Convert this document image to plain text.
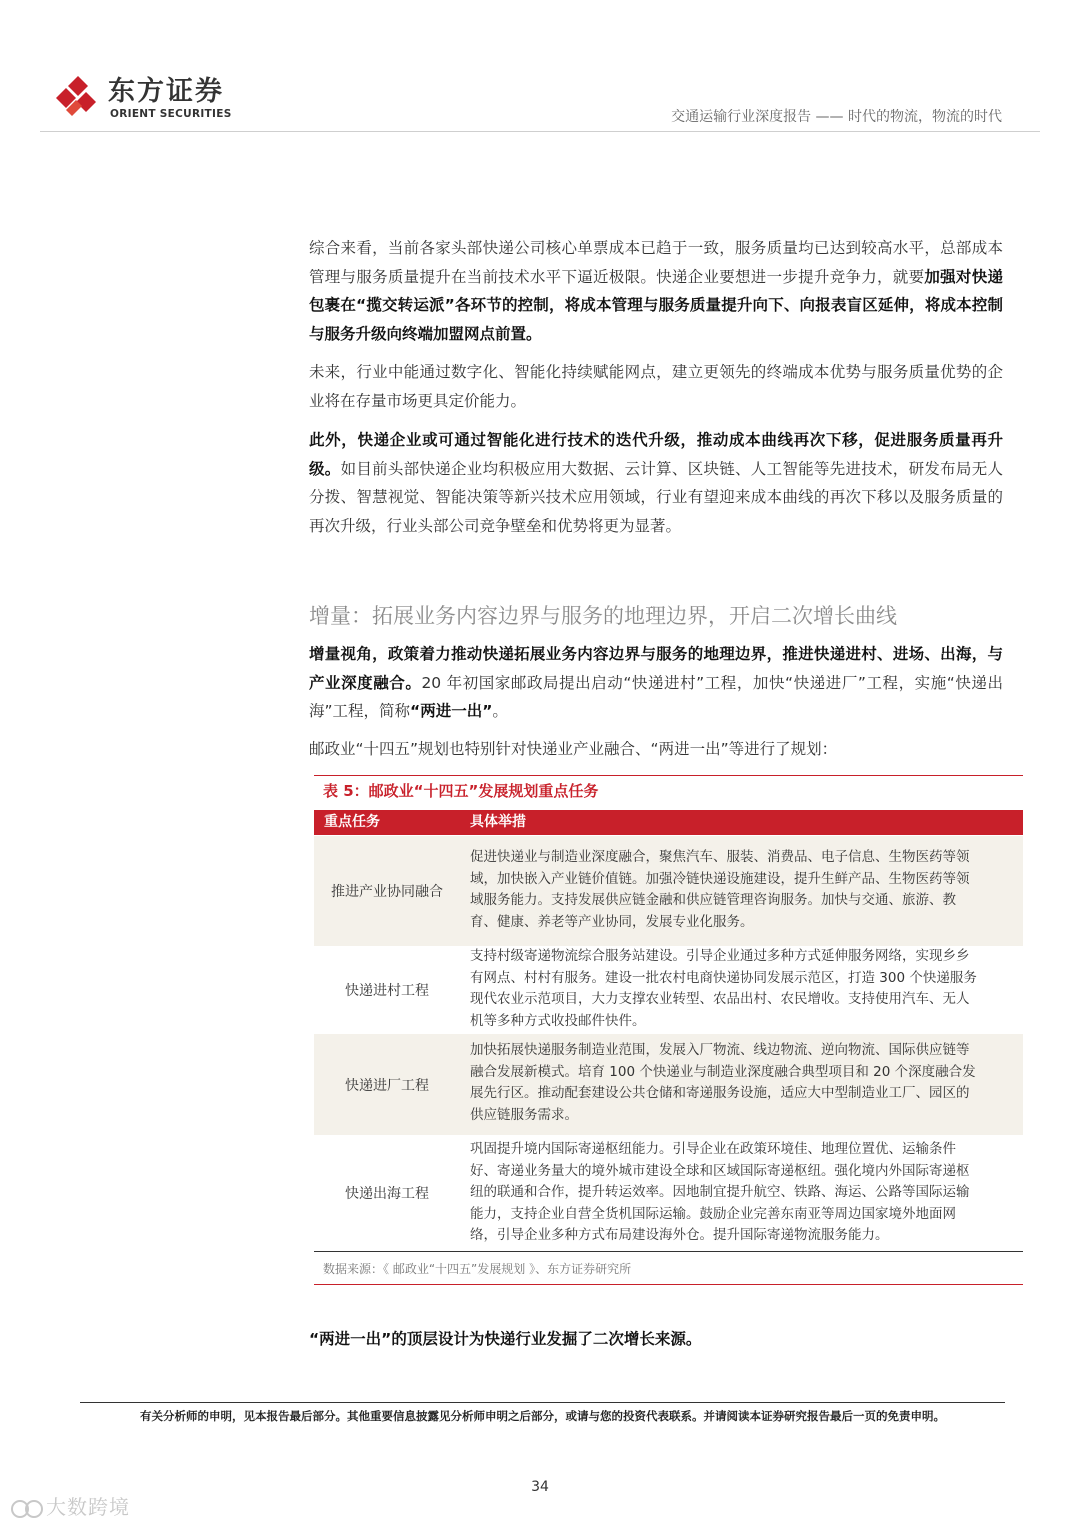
东方证券
ORIENT SECURITIES	交通运输行业深度报告 —— 时代的物流，物流的时代

综合来看，当前各家头部快递公司核心单票成本已趋于一致，服务质量均已达到较高水平，总部成本管理与服务质量提升在当前技术水平下逼近极限。快递企业要想进一步提升竞争力，就要加强对快递包裹在“揽交转运派”各环节的控制，将成本管理与服务质量提升向下、向报表盲区延伸，将成本控制与服务升级向终端加盟网点前置。

未来，行业中能通过数字化、智能化持续赋能网点，建立更领先的终端成本优势与服务质量优势的企业将在存量市场更具定价能力。

此外，快递企业或可通过智能化进行技术的迭代升级，推动成本曲线再次下移，促进服务质量再升级。如目前头部快递企业均积极应用大数据、云计算、区块链、人工智能等先进技术，研发布局无人分拨、智慧视觉、智能决策等新兴技术应用领域，行业有望迎来成本曲线的再次下移以及服务质量的再次升级，行业头部公司竞争壁垒和优势将更为显著。

增量：拓展业务内容边界与服务的地理边界，开启二次增长曲线

增量视角，政策着力推动快递拓展业务内容边界与服务的地理边界，推进快递进村、进场、出海，与产业深度融合。20 年初国家邮政局提出启动“快递进村”工程，加快“快递进厂”工程，实施“快递出海”工程，简称“两进一出”。

邮政业“十四五”规划也特别针对快递业产业融合、“两进一出”等进行了规划：

表 5：邮政业“十四五”发展规划重点任务
重点任务	具体举措
推进产业协同融合
促进快递业与制造业深度融合，聚焦汽车、服装、消费品、电子信息、生物医药等领
域，加快嵌入产业链价值链。加强冷链快递设施建设，提升生鲜产品、生物医药等领
域服务能力。支持发展供应链金融和供应链管理咨询服务。加快与交通、旅游、教
育、健康、养老等产业协同，发展专业化服务。
快递进村工程
支持村级寄递物流综合服务站建设。引导企业通过多种方式延伸服务网络，实现乡乡
有网点、村村有服务。建设一批农村电商快递协同发展示范区，打造 300 个快递服务
现代农业示范项目，大力支撑农业转型、农品出村、农民增收。支持使用汽车、无人
机等多种方式收投邮件快件。
快递进厂工程
加快拓展快递服务制造业范围，发展入厂物流、线边物流、逆向物流、国际供应链等
融合发展新模式。培育 100 个快递业与制造业深度融合典型项目和 20 个深度融合发
展先行区。推动配套建设公共仓储和寄递服务设施，适应大中型制造业工厂、园区的
供应链服务需求。
快递出海工程
巩固提升境内国际寄递枢纽能力。引导企业在政策环境佳、地理位置优、运输条件
好、寄递业务量大的境外城市建设全球和区域国际寄递枢纽。强化境内外国际寄递枢
纽的联通和合作，提升转运效率。因地制宜提升航空、铁路、海运、公路等国际运输
能力，支持企业自营全货机国际运输。鼓励企业完善东南亚等周边国家境外地面网
络，引导企业多种方式布局建设海外仓。提升国际寄递物流服务能力。
数据来源：《 邮政业“十四五”发展规划 》、东方证券研究所
“两进一出”的顶层设计为快递行业发掘了二次增长来源。
有关分析师的申明，见本报告最后部分。其他重要信息披露见分析师申明之后部分，或请与您的投资代表联系。并请阅读本证券研究报告最后一页的免责申明。
34
大数跨境
